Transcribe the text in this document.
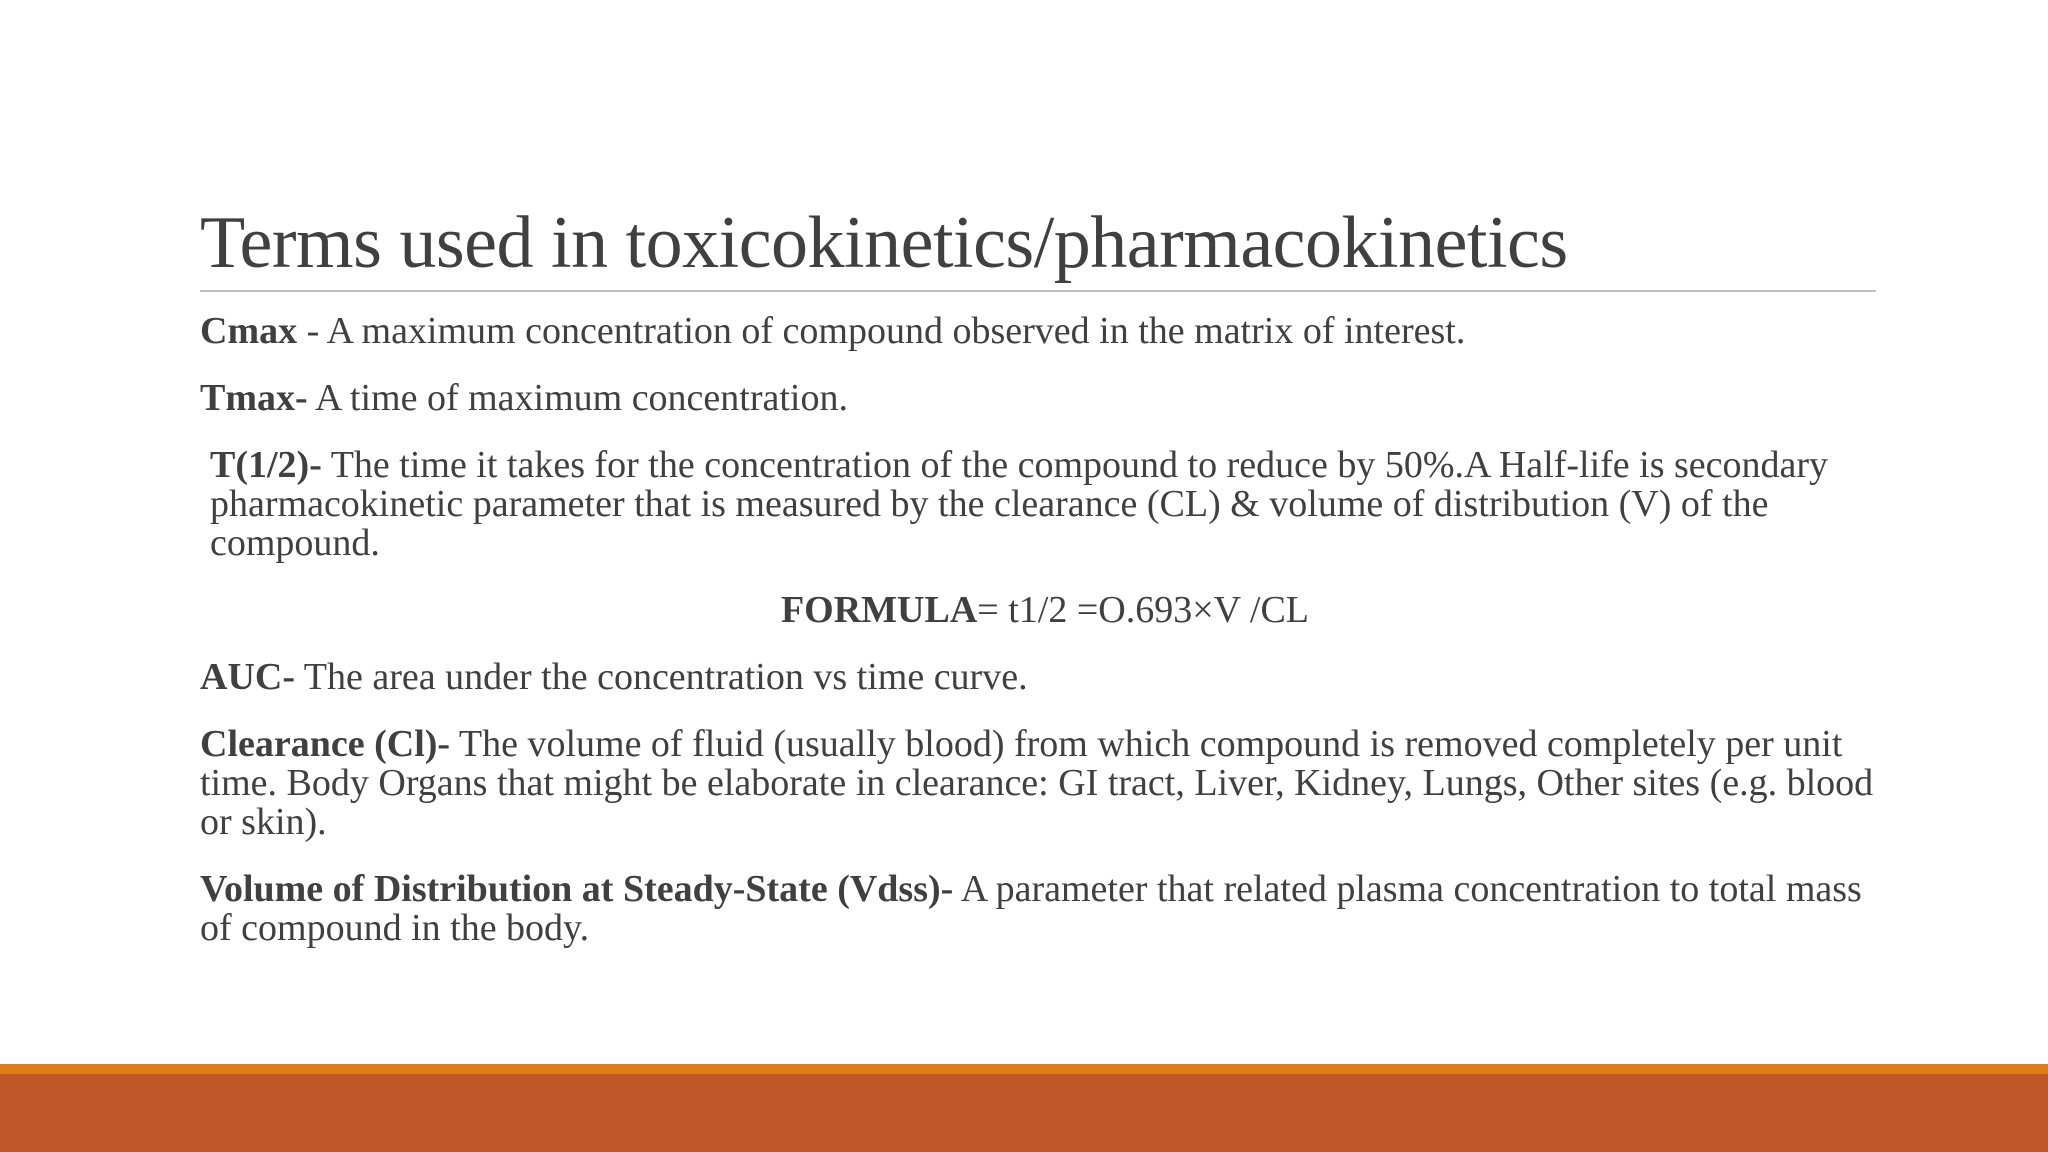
Terms used in toxicokinetics/pharmacokinetics

Cmax - A maximum concentration of compound observed in the matrix of interest.

Tmax- A time of maximum concentration.

T(1/2)- The time it takes for the concentration of the compound to reduce by 50%.A Half-life is secondary pharmacokinetic parameter that is measured by the clearance (CL) & volume of distribution (V) of the compound.

FORMULA= t1/2 =O.693×V /CL

AUC- The area under the concentration vs time curve.

Clearance (Cl)- The volume of fluid (usually blood) from which compound is removed completely per unit time. Body Organs that might be elaborate in clearance: GI tract, Liver, Kidney, Lungs, Other sites (e.g. blood or skin).

Volume of Distribution at Steady-State (Vdss)- A parameter that related plasma concentration to total mass of compound in the body.
